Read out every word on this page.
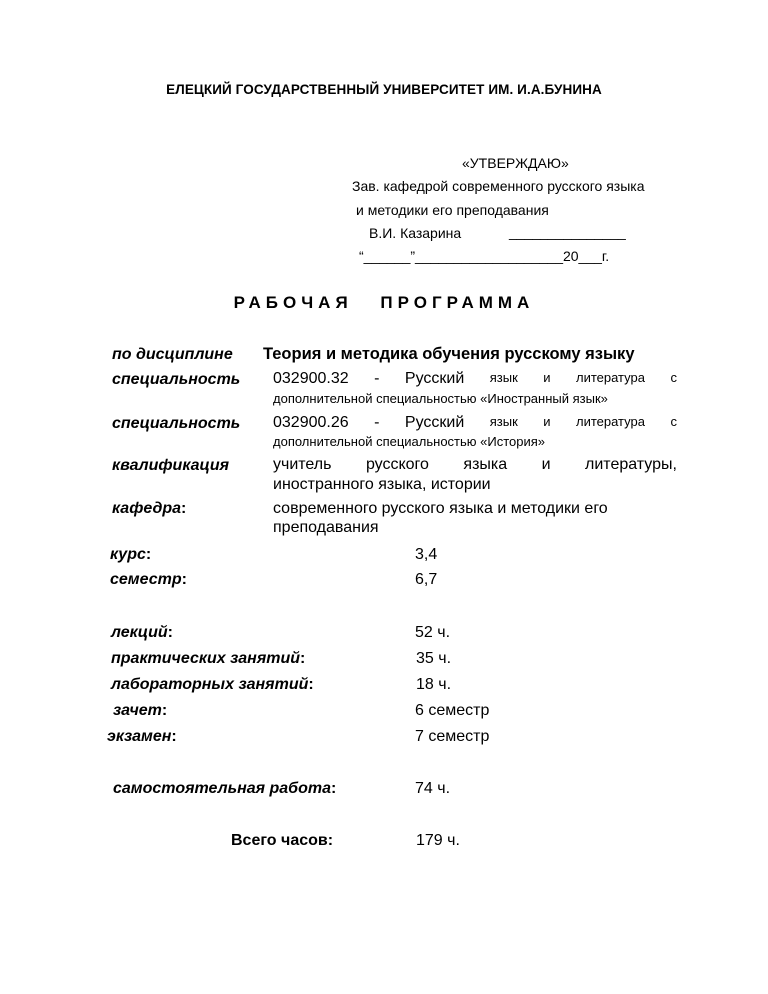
ЕЛЕЦКИЙ ГОСУДАРСТВЕННЫЙ УНИВЕРСИТЕТ ИМ. И.А.БУНИНА
«УТВЕРЖДАЮ»
Зав. кафедрой современного русского языка
и методики его преподавания
В.И. Казарина	_______________
“______”___________________20___г.
РАБОЧАЯ ПРОГРАММА
по дисциплине Теория и методика обучения русскому языку
специальность 032900.32 - Русский язык и литература с
дополнительной специальностью «Иностранный язык»
специальность 032900.26 - Русский язык и литература с
дополнительной специальностью «История»
квалификация	учитель русского языка и литературы,
иностранного языка, истории
кафедра:	современного русского языка и методики его
преподавания
курс:	3,4
семестр:	6,7
лекций:	52 ч.
практических занятий:	35 ч.
лабораторных занятий:	18 ч.
зачет:	6 семестр
экзамен:	7 семестр
самостоятельная работа:	74 ч.
Всего часов:	179 ч.
